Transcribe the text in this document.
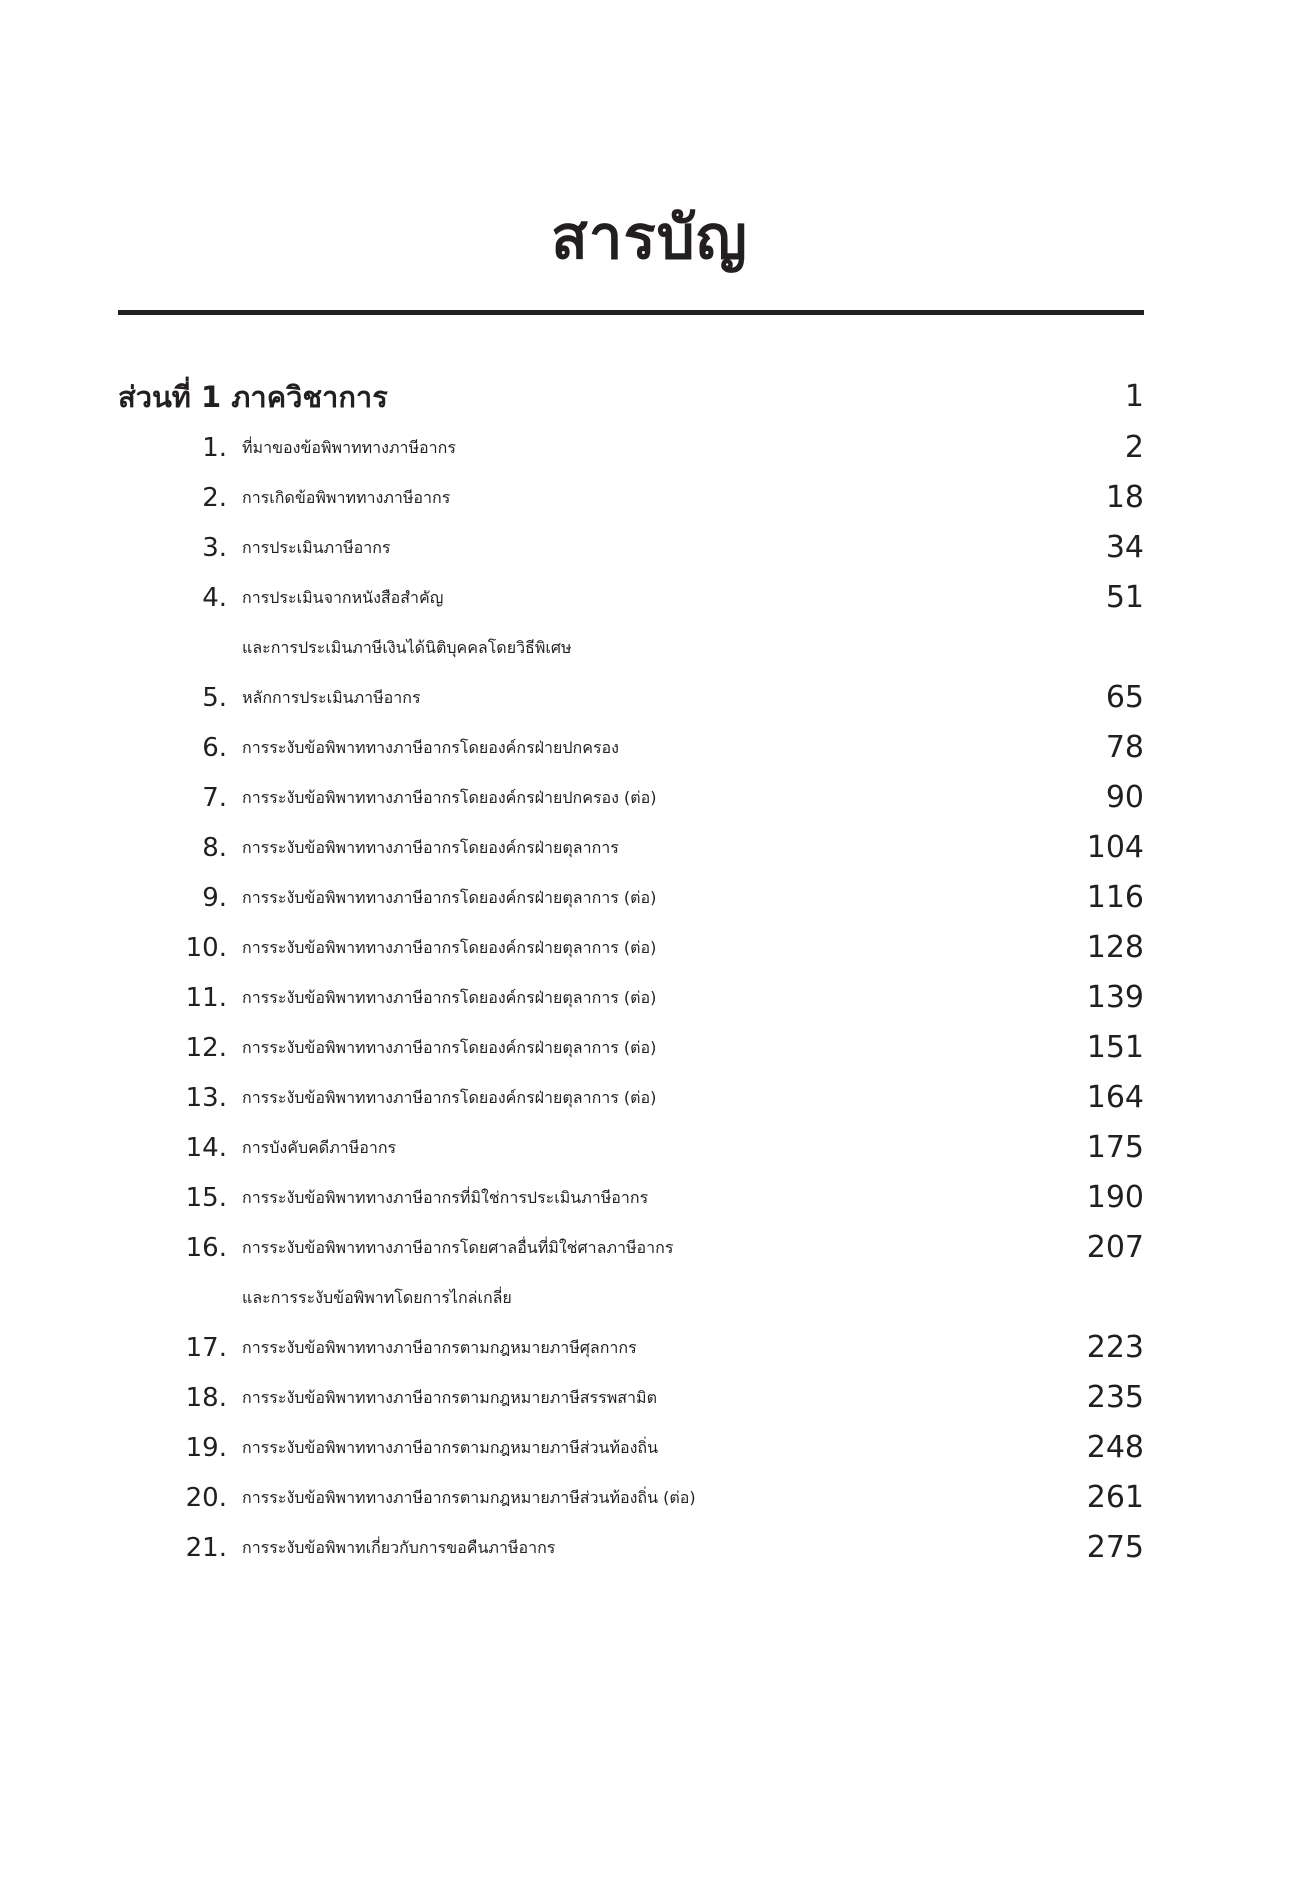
สารบัญ
ส่วนที่ 1 ภาควิชาการ	1
1. ที่มาของข้อพิพาททางภาษีอากร	2
2. การเกิดข้อพิพาททางภาษีอากร	18
3. การประเมินภาษีอากร	34
4. การประเมินจากหนังสือสำคัญ
และการประเมินภาษีเงินได้นิติบุคคลโดยวิธีพิเศษ
51
5. หลักการประเมินภาษีอากร	65
6. การระงับข้อพิพาททางภาษีอากรโดยองค์กรฝ่ายปกครอง	78
7. การระงับข้อพิพาททางภาษีอากรโดยองค์กรฝ่ายปกครอง (ต่อ)	90
8. การระงับข้อพิพาททางภาษีอากรโดยองค์กรฝ่ายตุลาการ	104
9. การระงับข้อพิพาททางภาษีอากรโดยองค์กรฝ่ายตุลาการ (ต่อ)	116
10. การระงับข้อพิพาททางภาษีอากรโดยองค์กรฝ่ายตุลาการ (ต่อ)	128
11. การระงับข้อพิพาททางภาษีอากรโดยองค์กรฝ่ายตุลาการ (ต่อ)	139
12. การระงับข้อพิพาททางภาษีอากรโดยองค์กรฝ่ายตุลาการ (ต่อ)	151
13. การระงับข้อพิพาททางภาษีอากรโดยองค์กรฝ่ายตุลาการ (ต่อ)	164
14. การบังคับคดีภาษีอากร	175
15. การระงับข้อพิพาททางภาษีอากรที่มิใช่การประเมินภาษีอากร	190
16. การระงับข้อพิพาททางภาษีอากรโดยศาลอื่นที่มิใช่ศาลภาษีอากร
และการระงับข้อพิพาทโดยการไกล่เกลี่ย
207
17. การระงับข้อพิพาททางภาษีอากรตามกฎหมายภาษีศุลกากร	223
18. การระงับข้อพิพาททางภาษีอากรตามกฎหมายภาษีสรรพสามิต	235
19. การระงับข้อพิพาททางภาษีอากรตามกฎหมายภาษีส่วนท้องถิ่น	248
20. การระงับข้อพิพาททางภาษีอากรตามกฎหมายภาษีส่วนท้องถิ่น (ต่อ)	261
21. การระงับข้อพิพาทเกี่ยวกับการขอคืนภาษีอากร	275
